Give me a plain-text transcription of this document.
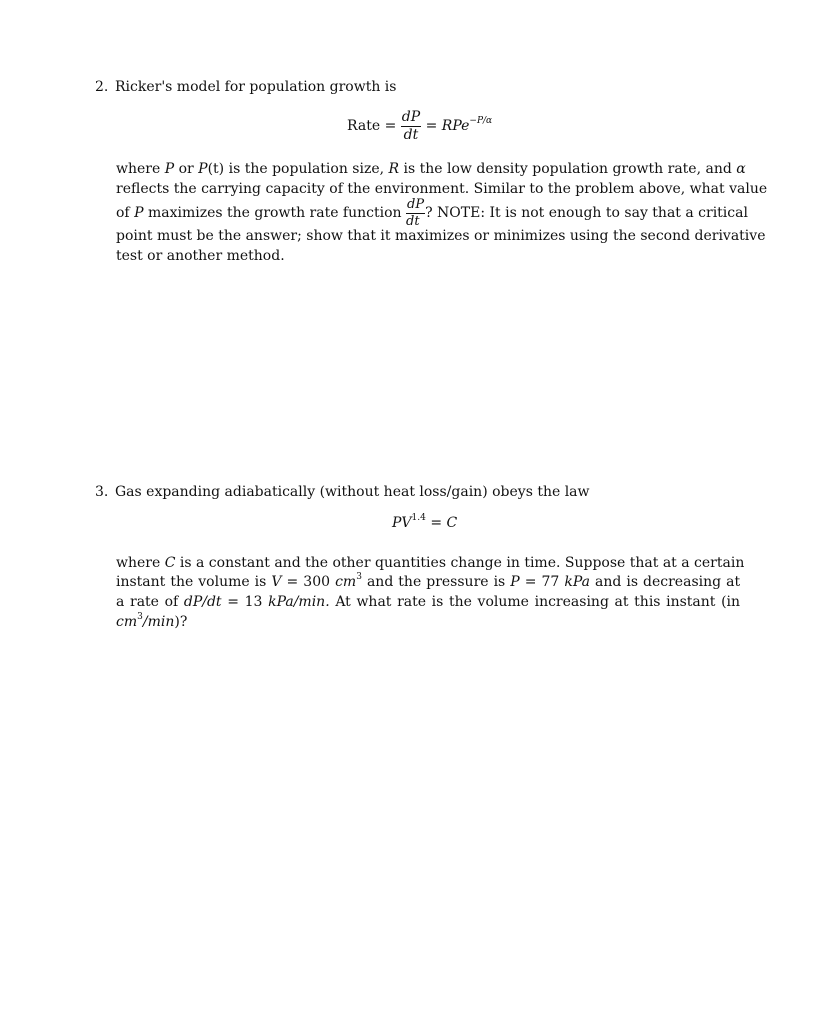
2. Ricker's model for population growth is
Rate = $\frac{dP}{dt} = RPe^{-P/\alpha}$
where P or P(t) is the population size, R is the low density population growth rate, and α
reflects the carrying capacity of the environment. Similar to the problem above, what value
of P maximizes the growth rate function $\frac{dP}{dt}$ ? NOTE: It is not enough to say that a critical
point must be the answer; show that it maximizes or minimizes using the second derivative
test or another method.
3. Gas expanding adiabatically (without heat loss/gain) obeys the law
$PV^{1.4} = C$
where C is a constant and the other quantities change in time. Suppose that at a certain
instant the volume is V = 300 $cm^3$ and the pressure is P = 77 kPa and is decreasing at
a rate of dP/dt = 13 kPa/min. At what rate is the volume increasing at this instant (in
$cm^3/\min$)?
